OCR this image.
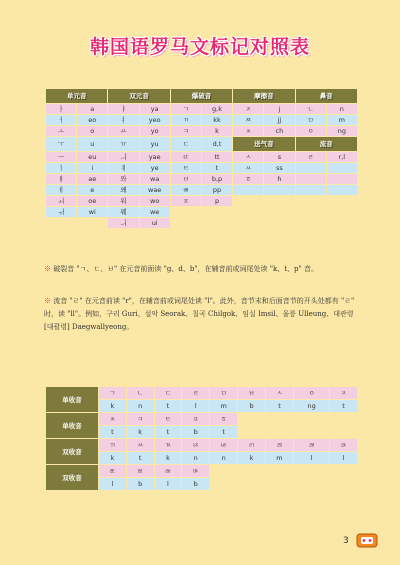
韩国语罗马文标记对照表
单元音		双元音		爆破音		摩擦音		鼻音	
ㅏ	a	ㅑ	ya	ㄱ	g,k	ㅈ	j	ㄴ	n
ㅓ	eo	ㅕ	yeo	ㄲ	kk	ㅉ	jj	ㅁ	m
ㅗ	o	ㅛ	yo	ㅋ	k	ㅊ	ch	ㅇ	ng
ㅜ	u	ㅠ	yu	ㄷ	d,t	送气音		流音	
ㅡ	eu	ㅢ	yae	ㄸ	tt	ㅅ	s	ㄹ	r,l
ㅣ	i	ㅖ	ye	ㅌ	t	ㅆ	ss		
ㅐ	ae	와	wa	ㅂ	b,p	ㅎ	h		
ㅔ	e	왜	wae	ㅃ	pp				
ㅚ	oe	워	wo	ㅍ	p				
ㅟ	wi	웨	we						
		ㅢ	ui						
※ 破裂音 "ㄱ、ㄷ、ㅂ" 在元音前面读 "g、d、b"，在辅音前或词尾处读 "k、t、p" 音。
※ 流音 "ㄹ" 在元音前读 "r"，在辅音前或词尾处读 "l"。此外，音节末和后面音节的开头处都有 "ㄹ" 时，读 "ll"。例如，구리 Guri、설악 Seorak、칠곡 Chilgok、임실 Imsil、울릉 Ulleung、대관령 [대괄령] Daegwallyeong。
单收音	ㄱ	ㄴ	ㄷ	ㄹ	ㅁ	ㅂ	ㅅ	ㅇ	ㅈ
	k	n	t	l	m	b	t	ng	t
单收音	ㅊ	ㅋ	ㅌ	ㅍ	ㅎ				
	t	k	t	b	t				
双收音	ㄲ	ㅆ	ㄳ	ㄵ	ㄶ	ㄺ	ㄻ	ㄼ	ㄽ
	k	t	k	n	n	k	m	l	l
双收音	ㄾ	ㄿ	ㅀ	ㅄ					
	l	b	l	b					
3
